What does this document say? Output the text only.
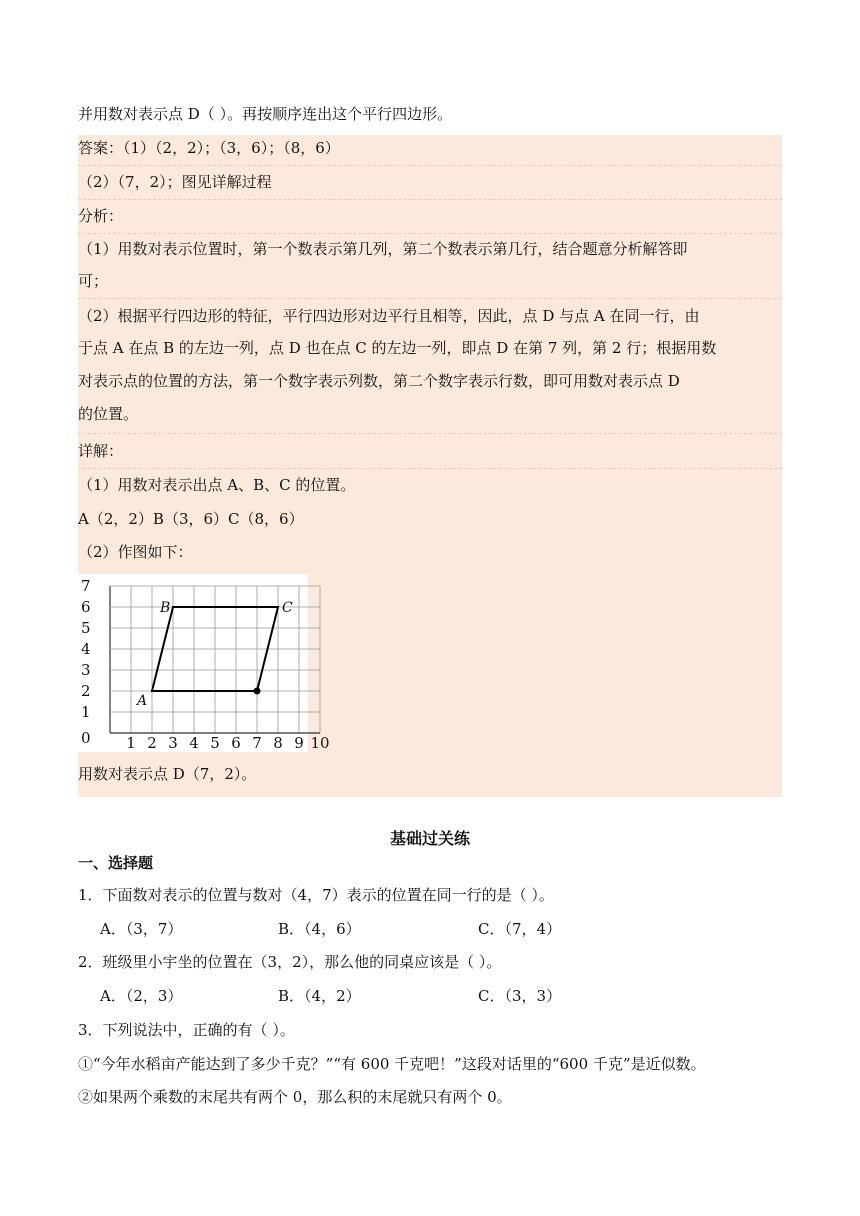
并用数对表示点 D（ ）。再按顺序连出这个平行四边形。
答案：（1）（2，2）；（3，6）；（8，6）
（2）（7，2）；图见详解过程
分析：
（1）用数对表示位置时，第一个数表示第几列，第二个数表示第几行，结合题意分析解答即
可；
（2）根据平行四边形的特征，平行四边形对边平行且相等，因此，点 D 与点 A 在同一行，由
于点 A 在点 B 的左边一列，点 D 也在点 C 的左边一列，即点 D 在第 7 列，第 2 行；根据用数
对表示点的位置的方法，第一个数字表示列数，第二个数字表示行数，即可用数对表示点 D
的位置。
详解：
（1）用数对表示出点 A、B、C 的位置。
A（2，2）B（3，6）C（8，6）
（2）作图如下：
用数对表示点 D（7，2）。
1 2 3 4 5 6 7 8 9 10
1
2
3
4
5
6
7
0
A
B	C
基础过关练
一、选择题
1．下面数对表示的位置与数对（4，7）表示的位置在同一行的是（ ）。
A．（3，7）	B．（4，6）	C．（7，4）
2．班级里小宇坐的位置在（3，2），那么他的同桌应该是（ ）。
A．（2，3）	B．（4，2）	C．（3，3）
3．下列说法中，正确的有（ ）。
①“今年水稻亩产能达到了多少千克？”“有 600 千克吧！”这段对话里的“600 千克”是近似数。
②如果两个乘数的末尾共有两个 0，那么积的末尾就只有两个 0。
